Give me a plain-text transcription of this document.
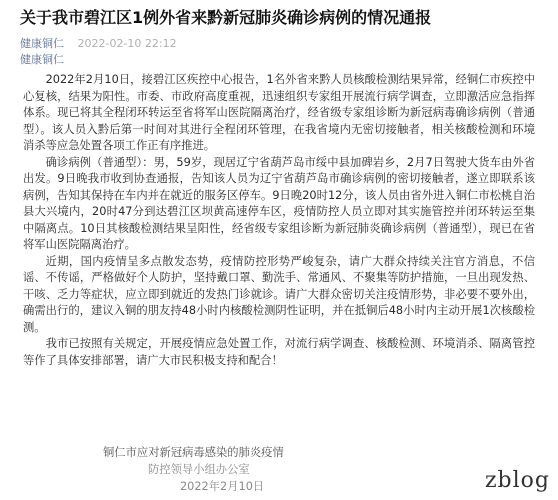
关于我市碧江区1例外省来黔新冠肺炎确诊病例的情况通报
健康铜仁 2022-02-10 22:12
健康铜仁

2022年2月10日，接碧江区疾控中心报告，1名外省来黔人员核酸检测结果异常，经铜仁市疾控中心复核，结果为阳性。市委、市政府高度重视，迅速组织专家组开展流行病学调查，立即激活应急指挥体系。现已将其全程闭环转运至省将军山医院隔离治疗，经省级专家组诊断为新冠病毒确诊病例（普通型）。该人员入黔后第一时间对其进行全程闭环管理，在我省境内无密切接触者，相关核酸检测和环境消杀等应急处置各项工作正有序推进。

确诊病例（普通型）：男，59岁，现居辽宁省葫芦岛市绥中县加碑岩乡，2月7日驾驶大货车由外省出发。9日晚我市收到协查通报，告知该人员为辽宁省葫芦岛市确诊病例的密切接触者，遂立即联系该病例，告知其保持在车内并在就近的服务区停车。9日晚20时12分，该人员由省外进入铜仁市松桃自治县大兴境内，20时47分到达碧江区坝黄高速停车区，疫情防控人员立即对其实施管控并闭环转运至集中隔离点。10日其核酸检测结果呈阳性，经省级专家组诊断为新冠肺炎确诊病例（普通型），现已在省将军山医院隔离治疗。

近期，国内疫情呈多点散发态势，疫情防控形势严峻复杂，请广大群众持续关注官方消息，不信谣、不传谣，严格做好个人防护，坚持戴口罩、勤洗手、常通风、不聚集等防护措施，一旦出现发热、干咳、乏力等症状，应立即到就近的发热门诊就诊。请广大群众密切关注疫情形势，非必要不要外出，确需出行的，建议入铜的朋友持48小时内核酸检测阴性证明，并在抵铜后48小时内主动开展1次核酸检测。

我市已按照有关规定，开展疫情应急处置工作，对流行病学调查、核酸检测、环境消杀、隔离管控等作了具体安排部署，请广大市民积极支持和配合！

铜仁市应对新冠病毒感染的肺炎疫情
防控领导小组办公室
2022年2月10日	zblog
